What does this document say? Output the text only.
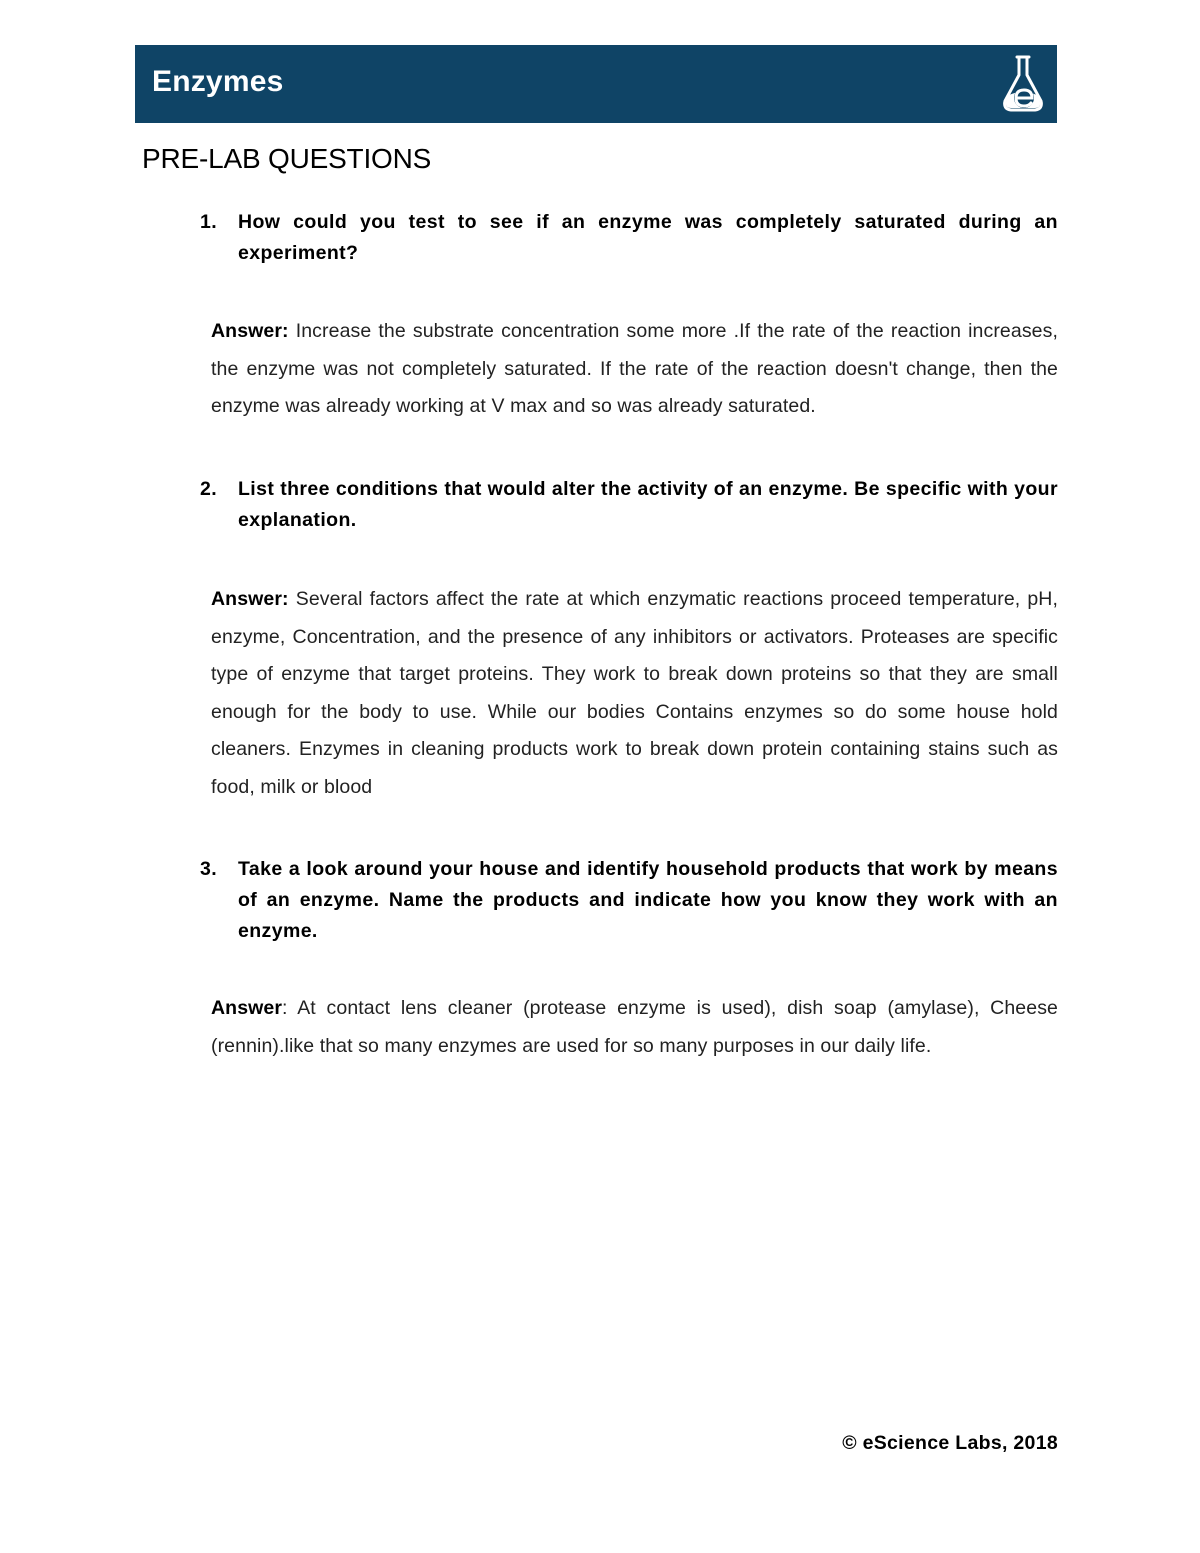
Enzymes
PRE-LAB QUESTIONS
1. How could you test to see if an enzyme was completely saturated during an experiment?
Answer: Increase the substrate concentration some more .If the rate of the reaction increases, the enzyme was not completely saturated. If the rate of the reaction doesn't change, then the enzyme was already working at V max and so was already saturated.
2. List three conditions that would alter the activity of an enzyme. Be specific with your explanation.
Answer: Several factors affect the rate at which enzymatic reactions proceed temperature, pH, enzyme, Concentration, and the presence of any inhibitors or activators. Proteases are specific type of enzyme that target proteins. They work to break down proteins so that they are small enough for the body to use. While our bodies Contains enzymes so do some house hold cleaners. Enzymes in cleaning products work to break down protein containing stains such as food, milk or blood
3. Take a look around your house and identify household products that work by means of an enzyme. Name the products and indicate how you know they work with an enzyme.
Answer: At contact lens cleaner (protease enzyme is used), dish soap (amylase), Cheese (rennin).like that so many enzymes are used for so many purposes in our daily life.
© eScience Labs, 2018
